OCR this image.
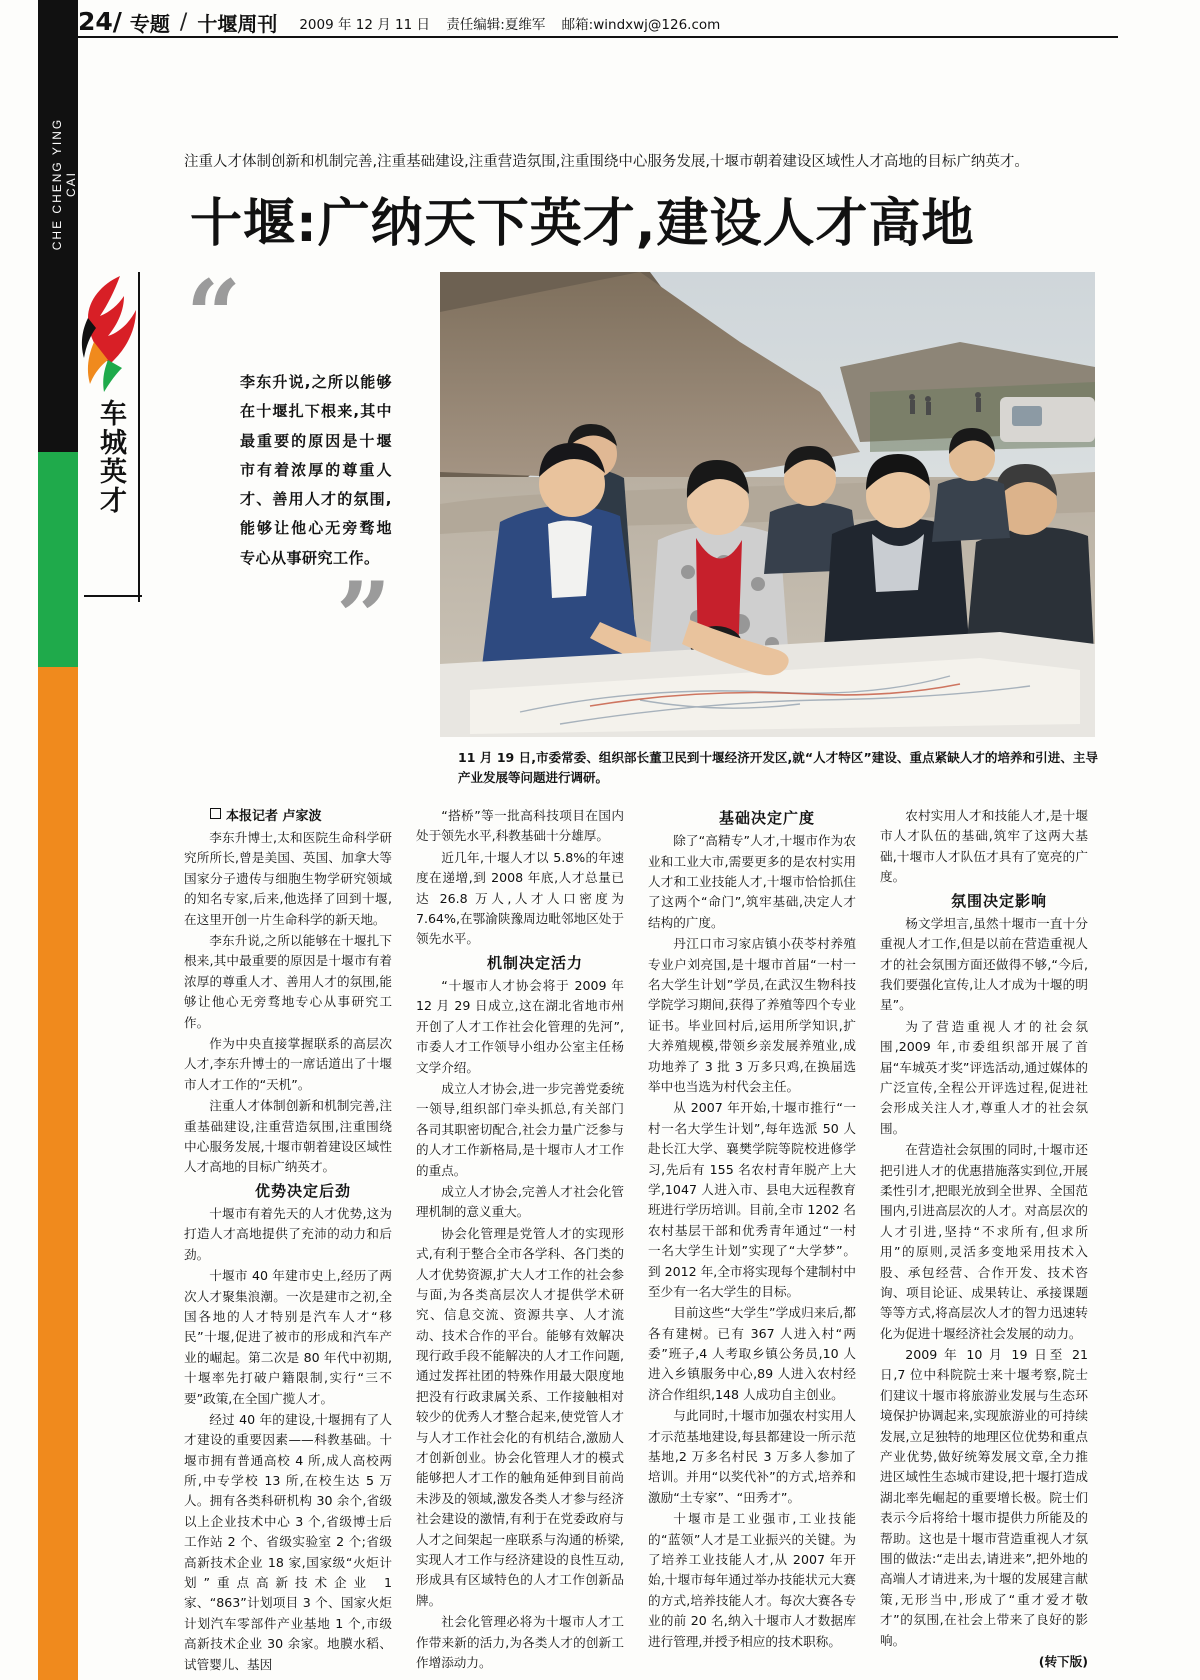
24/ 专题 / 十堰周刊 2009 年 12 月 11 日 责任编辑:夏维军 邮箱:windxwj@126.com
CHE CHENG YING CAI
车
城
英
才
注重人才体制创新和机制完善,注重基础建设,注重营造氛围,注重围绕中心服务发展,十堰市朝着建设区域性人才高地的目标广纳英才。
十堰:广纳天下英才,建设人才高地
“
李东升说,之所以能够在十堰扎下根来,其中最重要的原因是十堰市有着浓厚的尊重人才、善用人才的氛围,能够让他心无旁骛地专心从事研究工作。
”
11 月 19 日,市委常委、组织部长董卫民到十堰经济开发区,就“人才特区”建设、重点紧缺人才的培养和引进、主导产业发展等问题进行调研。

本报记者 卢家波

李东升博士,太和医院生命科学研究所所长,曾是美国、英国、加拿大等国家分子遗传与细胞生物学研究领域的知名专家,后来,他选择了回到十堰,在这里开创一片生命科学的新天地。

李东升说,之所以能够在十堰扎下根来,其中最重要的原因是十堰市有着浓厚的尊重人才、善用人才的氛围,能够让他心无旁骛地专心从事研究工作。

作为中央直接掌握联系的高层次人才,李东升博士的一席话道出了十堰市人才工作的“天机”。

注重人才体制创新和机制完善,注重基础建设,注重营造氛围,注重围绕中心服务发展,十堰市朝着建设区域性人才高地的目标广纳英才。

优势决定后劲

十堰市有着先天的人才优势,这为打造人才高地提供了充沛的动力和后劲。

十堰市 40 年建市史上,经历了两次人才聚集浪潮。一次是建市之初,全国各地的人才特别是汽车人才“移民”十堰,促进了被市的形成和汽车产业的崛起。第二次是 80 年代中初期,十堰率先打破户籍限制,实行“三不要”政策,在全国广揽人才。

经过 40 年的建设,十堰拥有了人才建设的重要因素——科教基础。十堰市拥有普通高校 4 所,成人高校两所,中专学校 13 所,在校生达 5 万人。拥有各类科研机构 30 余个,省级以上企业技术中心 3 个,省级博士后工作站 2 个、省级实验室 2 个;省级高新技术企业 18 家,国家级“火炬计划”重点高新技术企业 1 家、“863”计划项目 3 个、国家火炬计划汽车零部件产业基地 1 个,市级高新技术企业 30 余家。地膜水稻、试管婴儿、基因

“搭桥”等一批高科技项目在国内处于领先水平,科教基础十分雄厚。

近几年,十堰人才以 5.8%的年速度在递增,到 2008 年底,人才总量已达 26.8 万人,人才人口密度为 7.64%,在鄂渝陕豫周边毗邻地区处于领先水平。

机制决定活力

“十堰市人才协会将于 2009 年 12 月 29 日成立,这在湖北省地市州开创了人才工作社会化管理的先河”,市委人才工作领导小组办公室主任杨文学介绍。

成立人才协会,进一步完善党委统一领导,组织部门牵头抓总,有关部门各司其职密切配合,社会力量广泛参与的人才工作新格局,是十堰市人才工作的重点。

成立人才协会,完善人才社会化管理机制的意义重大。

协会化管理是党管人才的实现形式,有利于整合全市各学科、各门类的人才优势资源,扩大人才工作的社会参与面,为各类高层次人才提供学术研究、信息交流、资源共享、人才流动、技术合作的平台。能够有效解决现行政手段不能解决的人才工作问题,通过发挥社团的特殊作用最大限度地把没有行政隶属关系、工作接触相对较少的优秀人才整合起来,使党管人才与人才工作社会化的有机结合,激励人才创新创业。协会化管理人才的模式能够把人才工作的触角延伸到目前尚未涉及的领域,激发各类人才参与经济社会建设的激情,有利于在党委政府与人才之间架起一座联系与沟通的桥梁,实现人才工作与经济建设的良性互动,形成具有区域特色的人才工作创新品牌。

社会化管理必将为十堰市人才工作带来新的活力,为各类人才的创新工作增添动力。

基础决定广度

除了“高精专”人才,十堰市作为农业和工业大市,需要更多的是农村实用人才和工业技能人才,十堰市恰恰抓住了这两个“命门”,筑牢基础,决定人才结构的广度。

丹江口市习家店镇小茯苓村养殖专业户刘亮国,是十堰市首届“一村一名大学生计划”学员,在武汉生物科技学院学习期间,获得了养殖等四个专业证书。毕业回村后,运用所学知识,扩大养殖规模,带领乡亲发展养殖业,成功地养了 3 批 3 万多只鸡,在换届选举中也当选为村代会主任。

从 2007 年开始,十堰市推行“一村一名大学生计划”,每年选派 50 人赴长江大学、襄樊学院等院校进修学习,先后有 155 名农村青年脱产上大学,1047 人进入市、县电大远程教育班进行学历培训。目前,全市 1202 名农村基层干部和优秀青年通过“一村一名大学生计划”实现了“大学梦”。到 2012 年,全市将实现每个建制村中至少有一名大学生的目标。

目前这些“大学生”学成归来后,都各有建树。已有 367 人进入村“两委”班子,4 人考取乡镇公务员,10 人进入乡镇服务中心,89 人进入农村经济合作组织,148 人成功自主创业。

与此同时,十堰市加强农村实用人才示范基地建设,每县都建设一所示范基地,2 万多名村民 3 万多人参加了培训。并用“以奖代补”的方式,培养和激励“土专家”、“田秀才”。

十堰市是工业强市,工业技能的“蓝领”人才是工业振兴的关键。为了培养工业技能人才,从 2007 年开始,十堰市每年通过举办技能状元大赛的方式,培养技能人才。每次大赛各专业的前 20 名,纳入十堰市人才数据库进行管理,并授予相应的技术职称。

农村实用人才和技能人才,是十堰市人才队伍的基础,筑牢了这两大基础,十堰市人才队伍才具有了宽亮的广度。

氛围决定影响

杨文学坦言,虽然十堰市一直十分重视人才工作,但是以前在营造重视人才的社会氛围方面还做得不够,“今后,我们要强化宣传,让人才成为十堰的明星”。

为了营造重视人才的社会氛围,2009 年,市委组织部开展了首届“车城英才奖”评选活动,通过媒体的广泛宣传,全程公开评选过程,促进社会形成关注人才,尊重人才的社会氛围。

在营造社会氛围的同时,十堰市还把引进人才的优惠措施落实到位,开展柔性引才,把眼光放到全世界、全国范围内,引进高层次的人才。对高层次的人才引进,坚持“不求所有,但求所用”的原则,灵活多变地采用技术入股、承包经营、合作开发、技术咨询、项目论证、成果转让、承接课题等等方式,将高层次人才的智力迅速转化为促进十堰经济社会发展的动力。

2009 年 10 月 19 日至 21 日,7 位中科院院士来十堰考察,院士们建议十堰市将旅游业发展与生态环境保护协调起来,实现旅游业的可持续发展,立足独特的地理区位优势和重点产业优势,做好统筹发展文章,全力推进区域性生态城市建设,把十堰打造成湖北率先崛起的重要增长极。院士们表示今后将给十堰市提供力所能及的帮助。这也是十堰市营造重视人才氛围的做法:“走出去,请进来”,把外地的高端人才请进来,为十堰的发展建言献策,无形当中,形成了“重才爱才敬才”的氛围,在社会上带来了良好的影响。

(转下版)
